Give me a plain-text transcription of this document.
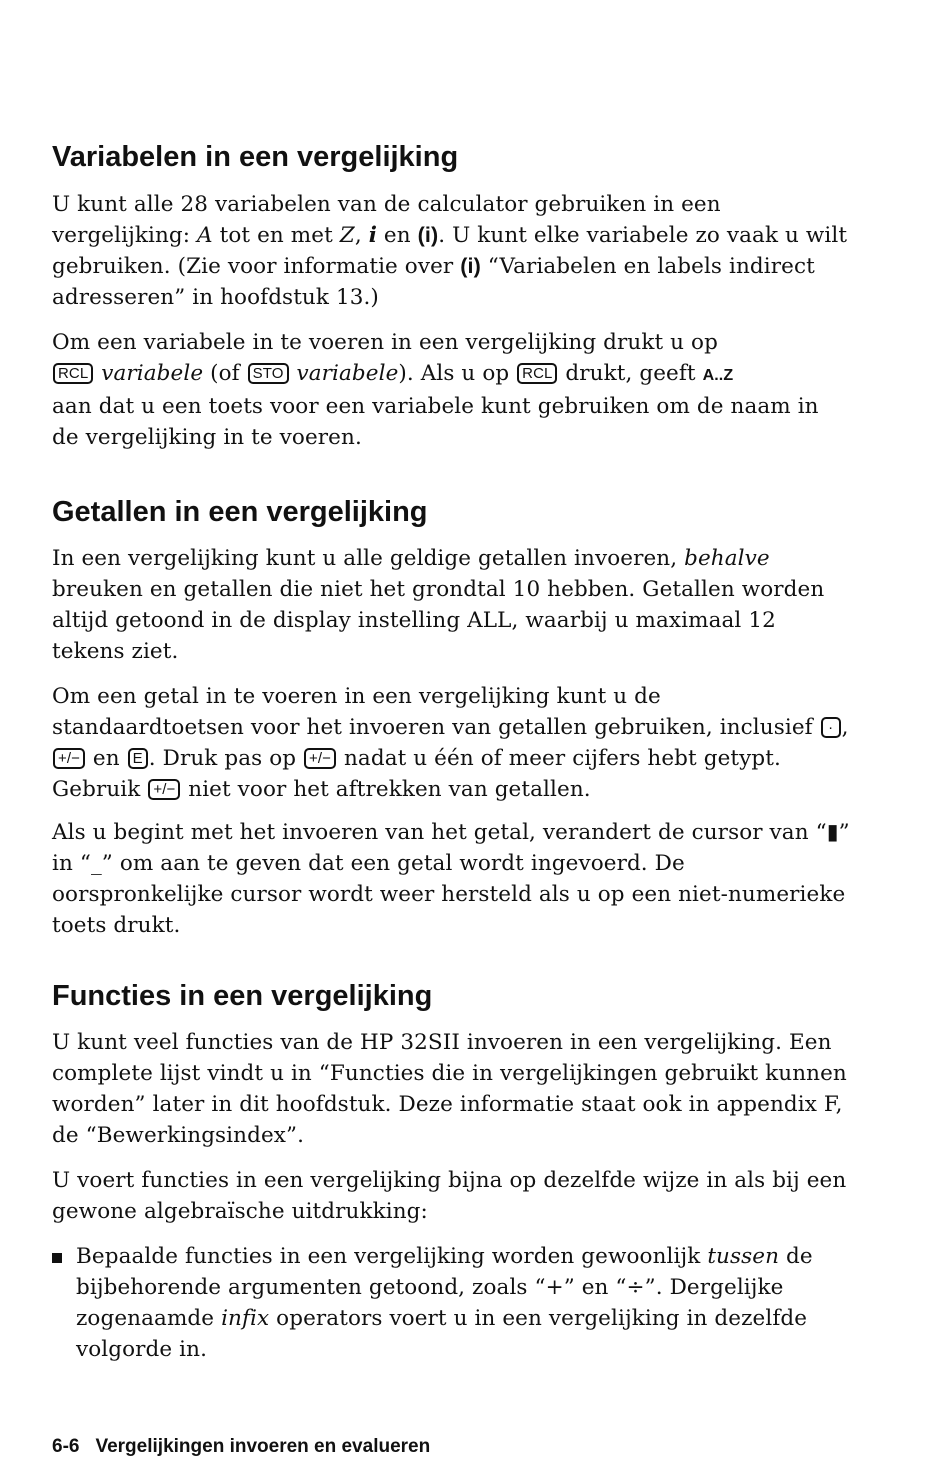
Variabelen in een vergelijking

U kunt alle 28 variabelen van de calculator gebruiken in een vergelijking: A tot en met Z, i en (i). U kunt elke variabele zo vaak u wilt gebruiken. (Zie voor informatie over (i) “Variabelen en labels indirect adresseren” in hoofdstuk 13.)

Om een variabele in te voeren in een vergelijking drukt u op
RCL variabele (of STO variabele). Als u op RCL drukt, geeft A..Z
aan dat u een toets voor een variabele kunt gebruiken om de naam in de vergelijking in te voeren.

Getallen in een vergelijking

In een vergelijking kunt u alle geldige getallen invoeren, behalve breuken en getallen die niet het grondtal 10 hebben. Getallen worden altijd getoond in de display instelling ALL, waarbij u maximaal 12 tekens ziet.

Om een getal in te voeren in een vergelijking kunt u de standaardtoetsen voor het invoeren van getallen gebruiken, inclusief · ,
+/− en E . Druk pas op +/− nadat u één of meer cijfers hebt getypt.
Gebruik +/− niet voor het aftrekken van getallen.

Als u begint met het invoeren van het getal, verandert de cursor van “▮” in “_” om aan te geven dat een getal wordt ingevoerd. De oorspronkelijke cursor wordt weer hersteld als u op een niet-numerieke toets drukt.

Functies in een vergelijking

U kunt veel functies van de HP 32SII invoeren in een vergelijking. Een complete lijst vindt u in “Functies die in vergelijkingen gebruikt kunnen worden” later in dit hoofdstuk. Deze informatie staat ook in appendix F, de “Bewerkingsindex”.

U voert functies in een vergelijking bijna op dezelfde wijze in als bij een gewone algebraïsche uitdrukking:

Bepaalde functies in een vergelijking worden gewoonlijk tussen de bijbehorende argumenten getoond, zoals “+” en “÷”. Dergelijke zogenaamde infix operators voert u in een vergelijking in dezelfde volgorde in.

6-6 Vergelijkingen invoeren en evalueren
